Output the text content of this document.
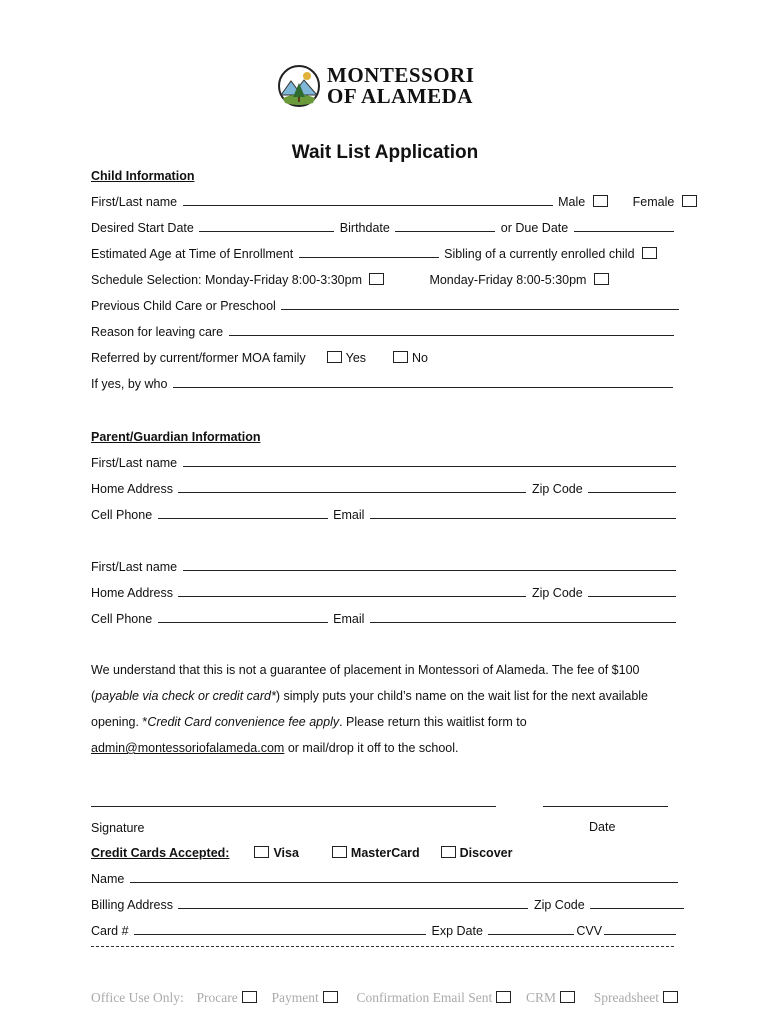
MONTESSORI
OF ALAMEDA
Wait List Application
Child Information
First/Last name	Male	Female
Desired Start Date	Birthdate	or Due Date
Estimated Age at Time of Enrollment	Sibling of a currently enrolled child
Schedule Selection: Monday-Friday 8:00-3:30pm	Monday-Friday 8:00-5:30pm
Previous Child Care or Preschool
Reason for leaving care
Referred by current/former MOA family	Yes	No
If yes, by who
Parent/Guardian Information
First/Last name
Home Address	Zip Code
Cell Phone	Email
First/Last name
Home Address	Zip Code
Cell Phone	Email
We understand that this is not a guarantee of placement in Montessori of Alameda. The fee of $100
(payable via check or credit card*) simply puts your child’s name on the wait list for the next available
opening. *Credit Card convenience fee apply. Please return this waitlist form to
admin@montessoriofalameda.com or mail/drop it off to the school.
Signature	Date
Credit Cards Accepted:	Visa	MasterCard	Discover
Name
Billing Address	Zip Code
Card #	Exp Date	CVV
Office Use Only: Procare	Payment	Confirmation Email Sent	CRM	Spreadsheet
